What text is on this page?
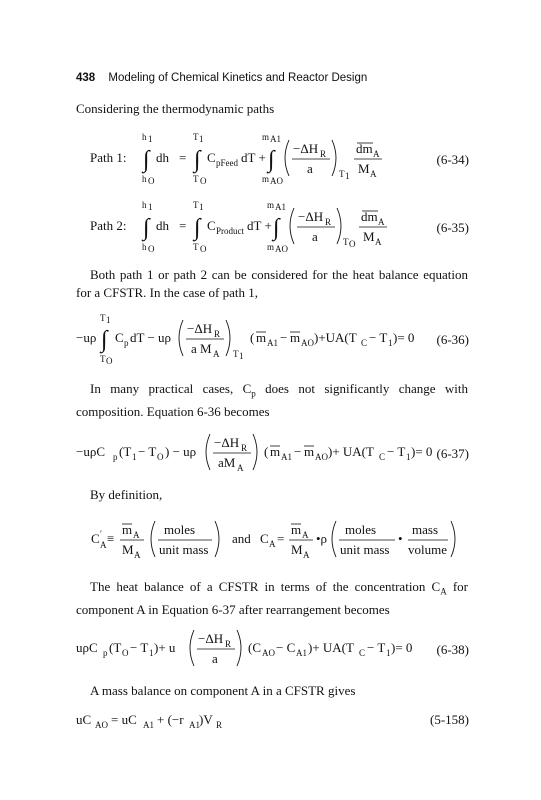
438 Modeling of Chemical Kinetics and Reactor Design
Considering the thermodynamic paths
Path 1:
h 1
∫
h O
dh =
T 1
∫
T O
C pFeed dT +
m A1
∫
m AO
−ΔH R
a	T 1
dm A
M A
(6-34)
Path 2:
h 1
∫
h O
dh =
T 1
∫
T O
C Product dT +
m A1
∫
m AO
−ΔH R
a	T O
dm A
M A
(6-35)
Both path 1 or path 2 can be considered for the heat balance equation for a CFSTR. In the case of path 1,
−uρ
T 1
∫
T O
C p dT − uρ
−ΔH R
a M A T 1
( m A1 − m AO )+UA(T C − T 1 )= 0 (6-36)
In many practical cases, $C_p$ does not significantly change with composition. Equation 6-36 becomes
−uρC p (T 1 − T O ) − uρ
−ΔH R
aM A
( m A1 − m AO )+ UA(T C − T 1 )= 0 (6-37)
By definition,
C A
′ ≡
m A
M A
moles
unit mass
and C A =
m A
M A
•ρ
moles
unit mass
•
mass
volume
The heat balance of a CFSTR in terms of the concentration $C_A$ for component A in Equation 6-37 after rearrangement becomes
uρC p (T O − T 1 )+ u
−ΔH R
a
(C AO − C A1 )+ UA(T C − T 1 )= 0 (6-38)
A mass balance on component A in a CFSTR gives
uC AO = uC A1 + (−r A1 )V R	(5-158)
